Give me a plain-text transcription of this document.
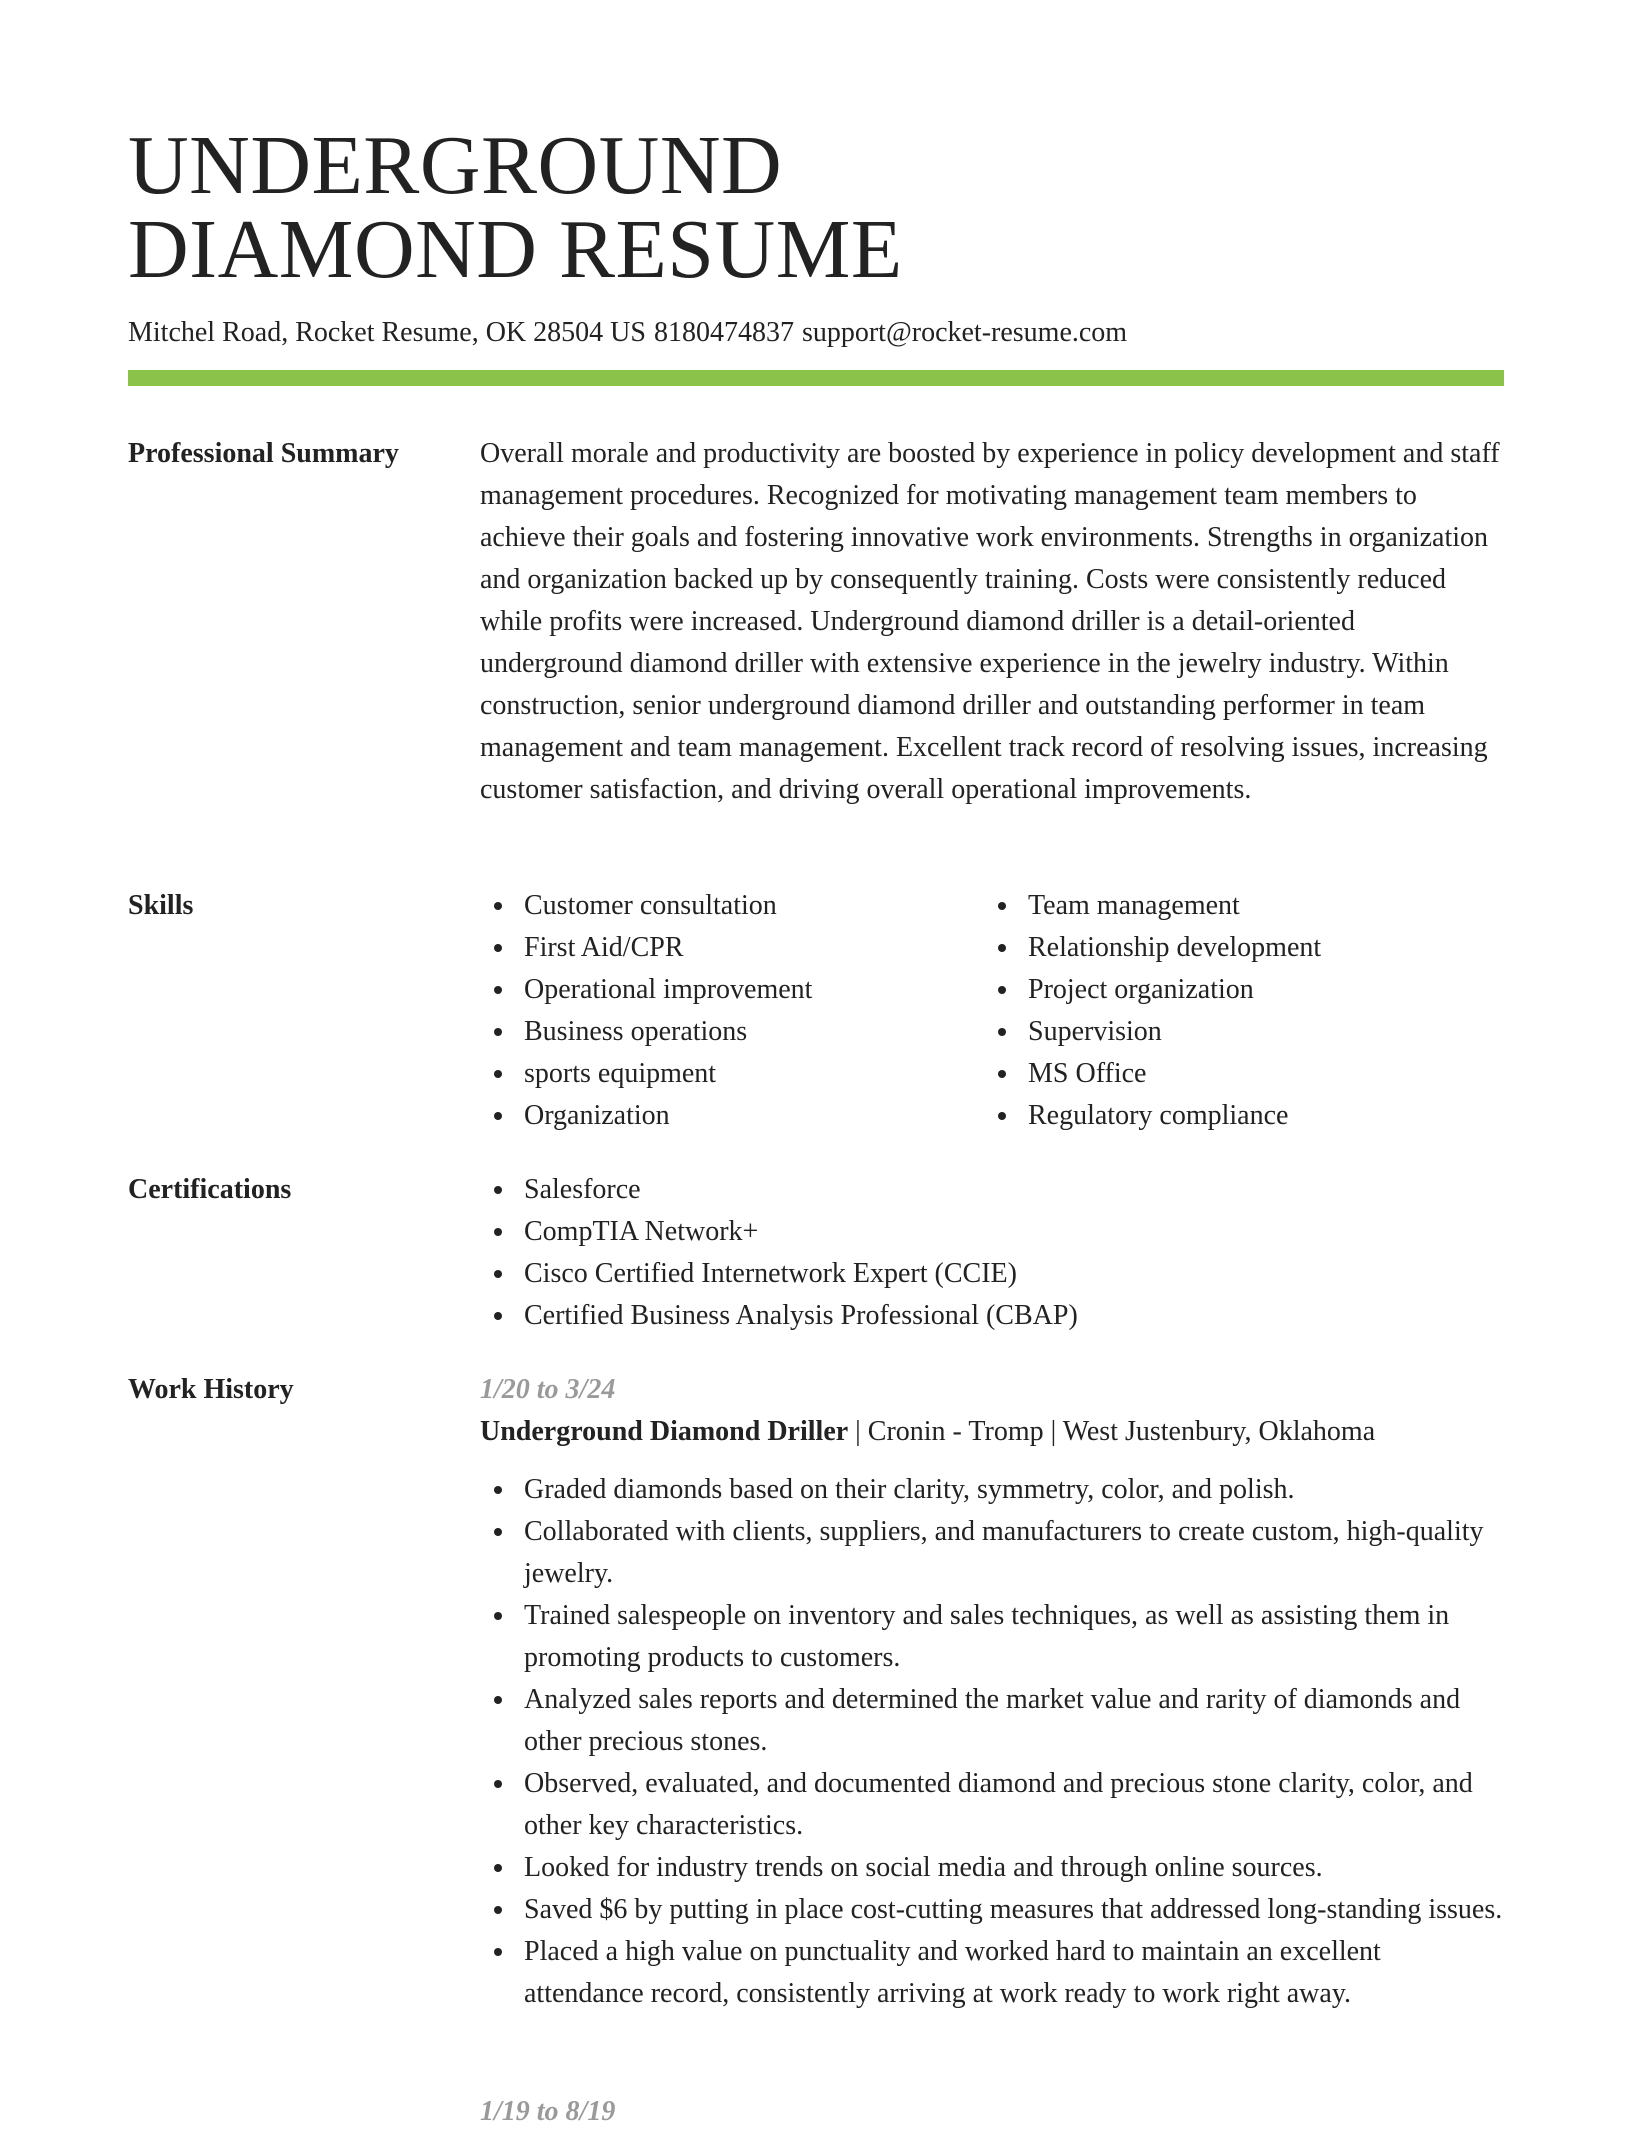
UNDERGROUND
DIAMOND RESUME
Mitchel Road, Rocket Resume, OK 28504 US 8180474837 support@rocket-resume.com
Professional Summary	Overall morale and productivity are boosted by experience in policy development and staff management procedures. Recognized for motivating management team members to achieve their goals and fostering innovative work environments. Strengths in organization and organization backed up by consequently training. Costs were consistently reduced while profits were increased. Underground diamond driller is a detail-oriented underground diamond driller with extensive experience in the jewelry industry. Within construction, senior underground diamond driller and outstanding performer in team management and team management. Excellent track record of resolving issues, increasing customer satisfaction, and driving overall operational improvements.

Skills	Customer consultation
First Aid/CPR
Operational improvement
Business operations
sports equipment
Organization
Team management
Relationship development
Project organization
Supervision
MS Office
Regulatory compliance
Certifications	Salesforce
CompTIA Network+
Cisco Certified Internetwork Expert (CCIE)
Certified Business Analysis Professional (CBAP)
Work History	1/20 to 3/24
Underground Diamond Driller | Cronin - Tromp | West Justenbury, Oklahoma
Graded diamonds based on their clarity, symmetry, color, and polish.
Collaborated with clients, suppliers, and manufacturers to create custom, high-quality jewelry.
Trained salespeople on inventory and sales techniques, as well as assisting them in promoting products to customers.
Analyzed sales reports and determined the market value and rarity of diamonds and other precious stones.
Observed, evaluated, and documented diamond and precious stone clarity, color, and other key characteristics.
Looked for industry trends on social media and through online sources.
Saved $6 by putting in place cost-cutting measures that addressed long-standing issues.
Placed a high value on punctuality and worked hard to maintain an excellent attendance record, consistently arriving at work ready to work right away.
1/19 to 8/19
